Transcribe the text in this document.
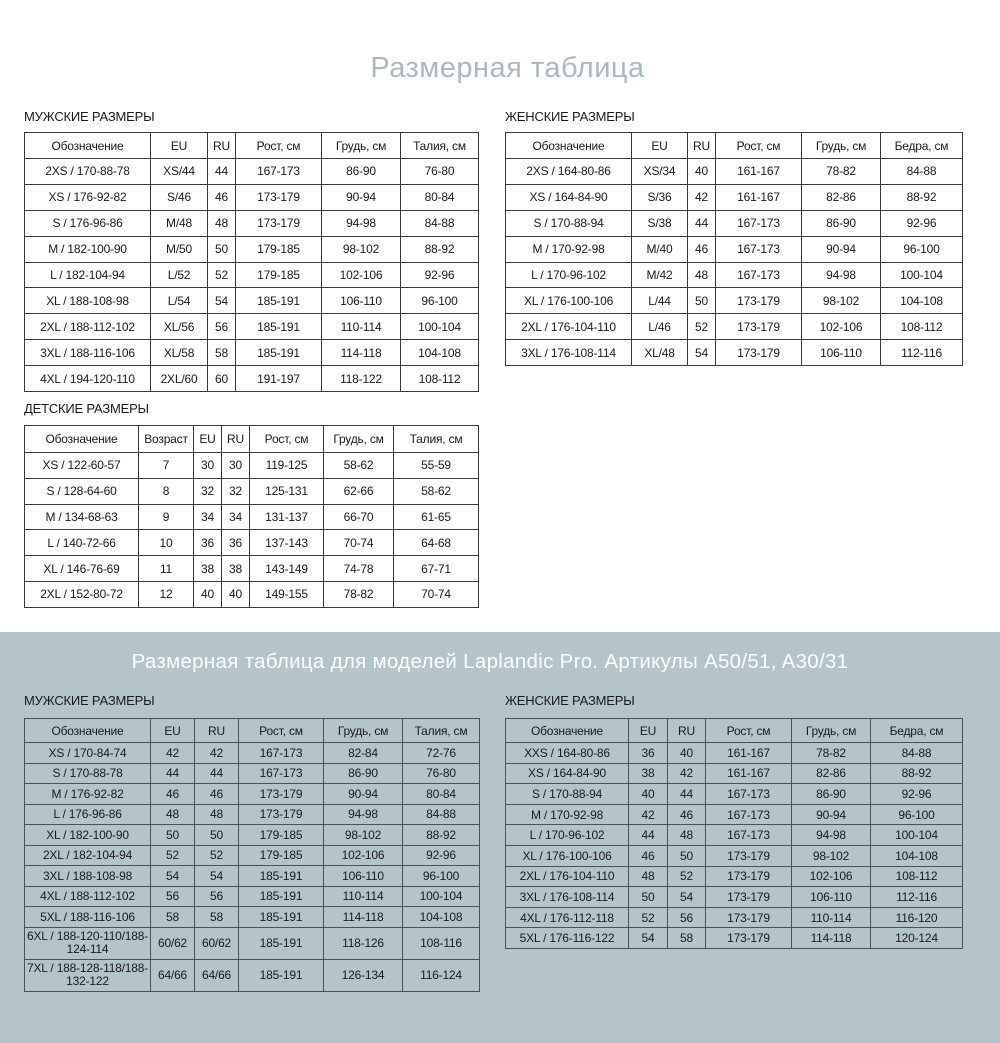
Размерная таблица
МУЖСКИЕ РАЗМЕРЫ
Обозначение	EU	RU	Рост, см	Грудь, см	Талия, см
2XS / 170-88-78	XS/44	44	167-173	86-90	76-80
XS / 176-92-82	S/46	46	173-179	90-94	80-84
S / 176-96-86	M/48	48	173-179	94-98	84-88
M / 182-100-90	M/50	50	179-185	98-102	88-92
L / 182-104-94	L/52	52	179-185	102-106	92-96
XL / 188-108-98	L/54	54	185-191	106-110	96-100
2XL / 188-112-102	XL/56	56	185-191	110-114	100-104
3XL / 188-116-106	XL/58	58	185-191	114-118	104-108
4XL / 194-120-110	2XL/60	60	191-197	118-122	108-112
ЖЕНСКИЕ РАЗМЕРЫ
Обозначение	EU	RU	Рост, см	Грудь, см	Бедра, см
2XS / 164-80-86	XS/34	40	161-167	78-82	84-88
XS / 164-84-90	S/36	42	161-167	82-86	88-92
S / 170-88-94	S/38	44	167-173	86-90	92-96
M / 170-92-98	M/40	46	167-173	90-94	96-100
L / 170-96-102	M/42	48	167-173	94-98	100-104
XL / 176-100-106	L/44	50	173-179	98-102	104-108
2XL / 176-104-110	L/46	52	173-179	102-106	108-112
3XL / 176-108-114	XL/48	54	173-179	106-110	112-116
ДЕТСКИЕ РАЗМЕРЫ
Обозначение	Возраст	EU	RU	Рост, см	Грудь, см	Талия, см
XS / 122-60-57	7	30	30	119-125	58-62	55-59
S / 128-64-60	8	32	32	125-131	62-66	58-62
M / 134-68-63	9	34	34	131-137	66-70	61-65
L / 140-72-66	10	36	36	137-143	70-74	64-68
XL / 146-76-69	11	38	38	143-149	74-78	67-71
2XL / 152-80-72	12	40	40	149-155	78-82	70-74
Размерная таблица для моделей Laplandic Pro. Артикулы A50/51, A30/31
МУЖСКИЕ РАЗМЕРЫ
Обозначение	EU	RU	Рост, см	Грудь, см	Талия, см
XS / 170-84-74	42	42	167-173	82-84	72-76
S / 170-88-78	44	44	167-173	86-90	76-80
M / 176-92-82	46	46	173-179	90-94	80-84
L / 176-96-86	48	48	173-179	94-98	84-88
XL / 182-100-90	50	50	179-185	98-102	88-92
2XL / 182-104-94	52	52	179-185	102-106	92-96
3XL / 188-108-98	54	54	185-191	106-110	96-100
4XL / 188-112-102	56	56	185-191	110-114	100-104
5XL / 188-116-106	58	58	185-191	114-118	104-108
6XL / 188-120-110/188-124-114	60/62	60/62	185-191	118-126	108-116
7XL / 188-128-118/188-132-122	64/66	64/66	185-191	126-134	116-124
ЖЕНСКИЕ РАЗМЕРЫ
Обозначение	EU	RU	Рост, см	Грудь, см	Бедра, см
XXS / 164-80-86	36	40	161-167	78-82	84-88
XS / 164-84-90	38	42	161-167	82-86	88-92
S / 170-88-94	40	44	167-173	86-90	92-96
M / 170-92-98	42	46	167-173	90-94	96-100
L / 170-96-102	44	48	167-173	94-98	100-104
XL / 176-100-106	46	50	173-179	98-102	104-108
2XL / 176-104-110	48	52	173-179	102-106	108-112
3XL / 176-108-114	50	54	173-179	106-110	112-116
4XL / 176-112-118	52	56	173-179	110-114	116-120
5XL / 176-116-122	54	58	173-179	114-118	120-124
